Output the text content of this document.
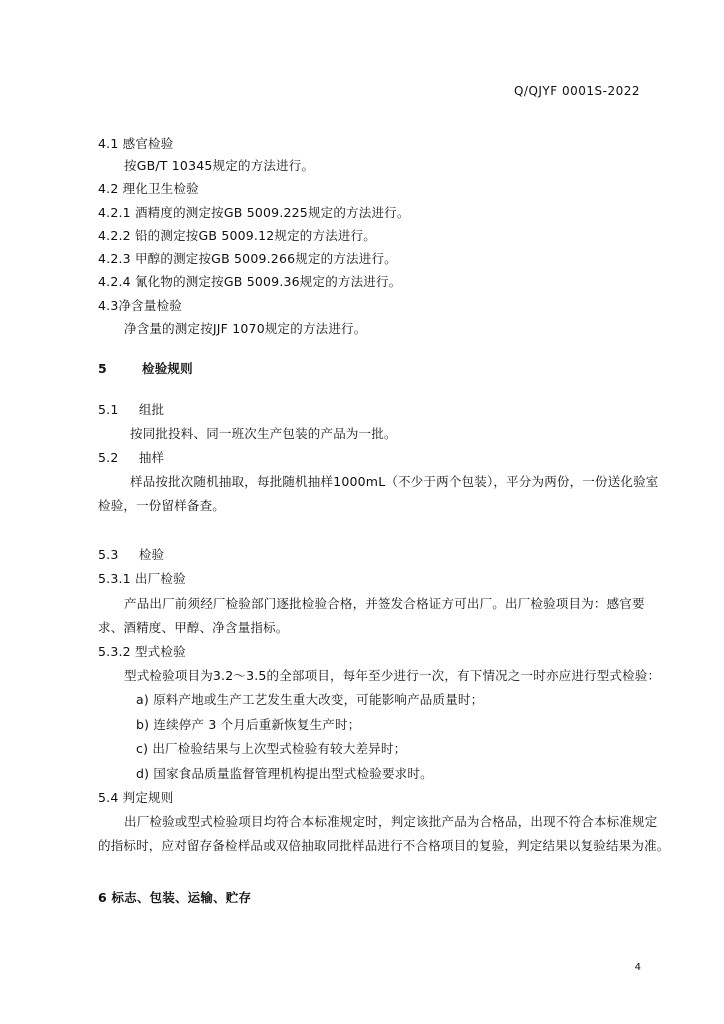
Q/QJYF 0001S-2022
4.1 感官检验
按GB/T 10345规定的方法进行。
4.2 理化卫生检验
4.2.1 酒精度的测定按GB 5009.225规定的方法进行。
4.2.2 铅的测定按GB 5009.12规定的方法进行。
4.2.3 甲醇的测定按GB 5009.266规定的方法进行。
4.2.4 氰化物的测定按GB 5009.36规定的方法进行。
4.3净含量检验
净含量的测定按JJF 1070规定的方法进行。
5	检验规则
5.1 组批
按同批投料、同一班次生产包装的产品为一批。
5.2 抽样
样品按批次随机抽取，每批随机抽样1000mL（不少于两个包装），平分为两份，一份送化验室
检验，一份留样备查。
5.3 检验
5.3.1 出厂检验
产品出厂前须经厂检验部门逐批检验合格，并签发合格证方可出厂。出厂检验项目为：感官要
求、酒精度、甲醇、净含量指标。
5.3.2 型式检验
型式检验项目为3.2～3.5的全部项目，每年至少进行一次，有下情况之一时亦应进行型式检验：
a) 原料产地或生产工艺发生重大改变，可能影响产品质量时；
b) 连续停产 3 个月后重新恢复生产时；
c) 出厂检验结果与上次型式检验有较大差异时；
d) 国家食品质量监督管理机构提出型式检验要求时。
5.4 判定规则
出厂检验或型式检验项目均符合本标准规定时，判定该批产品为合格品，出现不符合本标准规定
的指标时，应对留存备检样品或双倍抽取同批样品进行不合格项目的复验，判定结果以复验结果为准。
6 标志、包装、运输、贮存
4
